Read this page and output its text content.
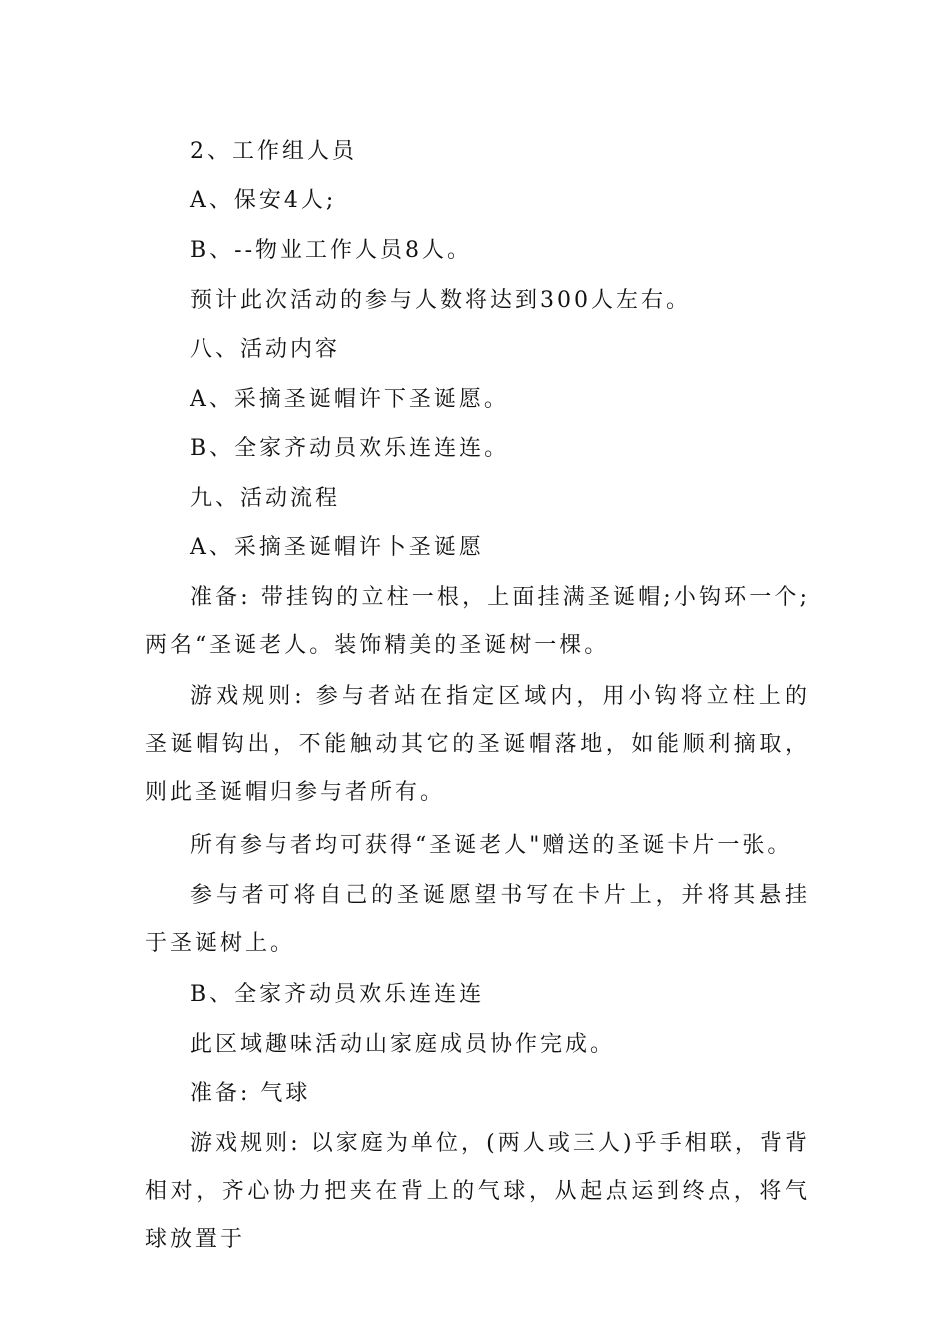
2、工作组人员
A、保安4人;
B、--物业工作人员8人。
预计此次活动的参与人数将达到300人左右。
八、活动内容
A、采摘圣诞帽许下圣诞愿。
B、全家齐动员欢乐连连连。
九、活动流程
A、采摘圣诞帽许卜圣诞愿
准备: 带挂钩的立柱一根，上面挂满圣诞帽;小钩环一个;两名“圣诞老人。装饰精美的圣诞树一棵。
游戏规则: 参与者站在指定区域内，用小钩将立柱上的圣诞帽钩出，不能触动其它的圣诞帽落地，如能顺利摘取，则此圣诞帽归参与者所有。
所有参与者均可获得“圣诞老人"赠送的圣诞卡片一张。
参与者可将自己的圣诞愿望书写在卡片上，并将其悬挂于圣诞树上。
B、全家齐动员欢乐连连连
此区域趣味活动山家庭成员协作完成。
准备: 气球
游戏规则: 以家庭为单位，(两人或三人)乎手相联，背背相对，齐心协力把夹在背上的气球，从起点运到终点，将气球放置于
